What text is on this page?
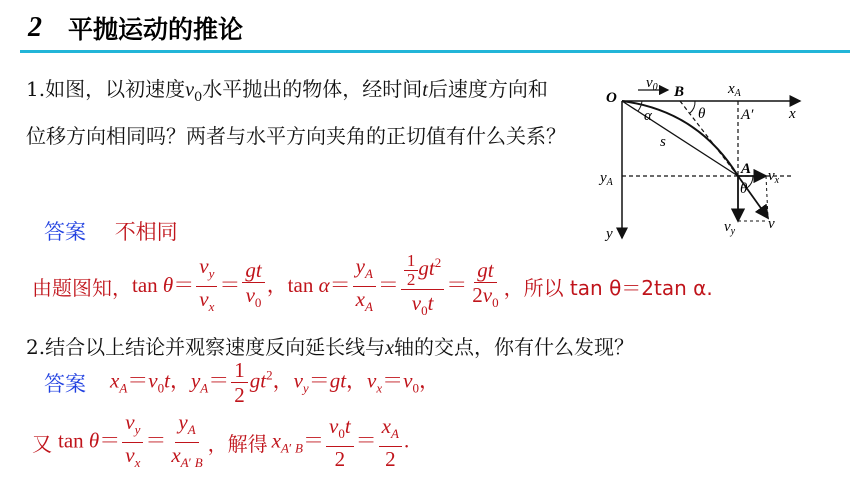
2 平抛运动的推论
1.如图，以初速度$v_0$水平抛出的物体，经时间t后速度方向和位移方向相同吗？两者与水平方向夹角的正切值有什么关系？
答案 不相同
由题图知， $\tan \theta= \frac{v_y}{v_x} = \frac{gt}{v_0}$ ，$\tan \alpha= \frac{y_A}{x_A} = \frac{\frac{1}{2} gt^2}{v_0t} = \frac{gt}{2v_0}$ ，所以 tan θ＝2tan α.
2.结合以上结论并观察速度反向延长线与x轴的交点，你有什么发现？
答案 $x_A=v_0t$，$y_A= \frac{1}{2} gt^2$，$v_y=gt$，$v_x=v_0$，
又 $\tan \theta= \frac{v_y}{v_x} = \frac{y_A}{x_{A' B}}$ ，解得 $x_{A' B}= \frac{v_0t}{2} = \frac{x_A}{2}$ .
O
$v_0$ B	$x_A$
x
θ A′
α
s
A
$y_A$	θ
$v_x$
$v_y$ v
y
